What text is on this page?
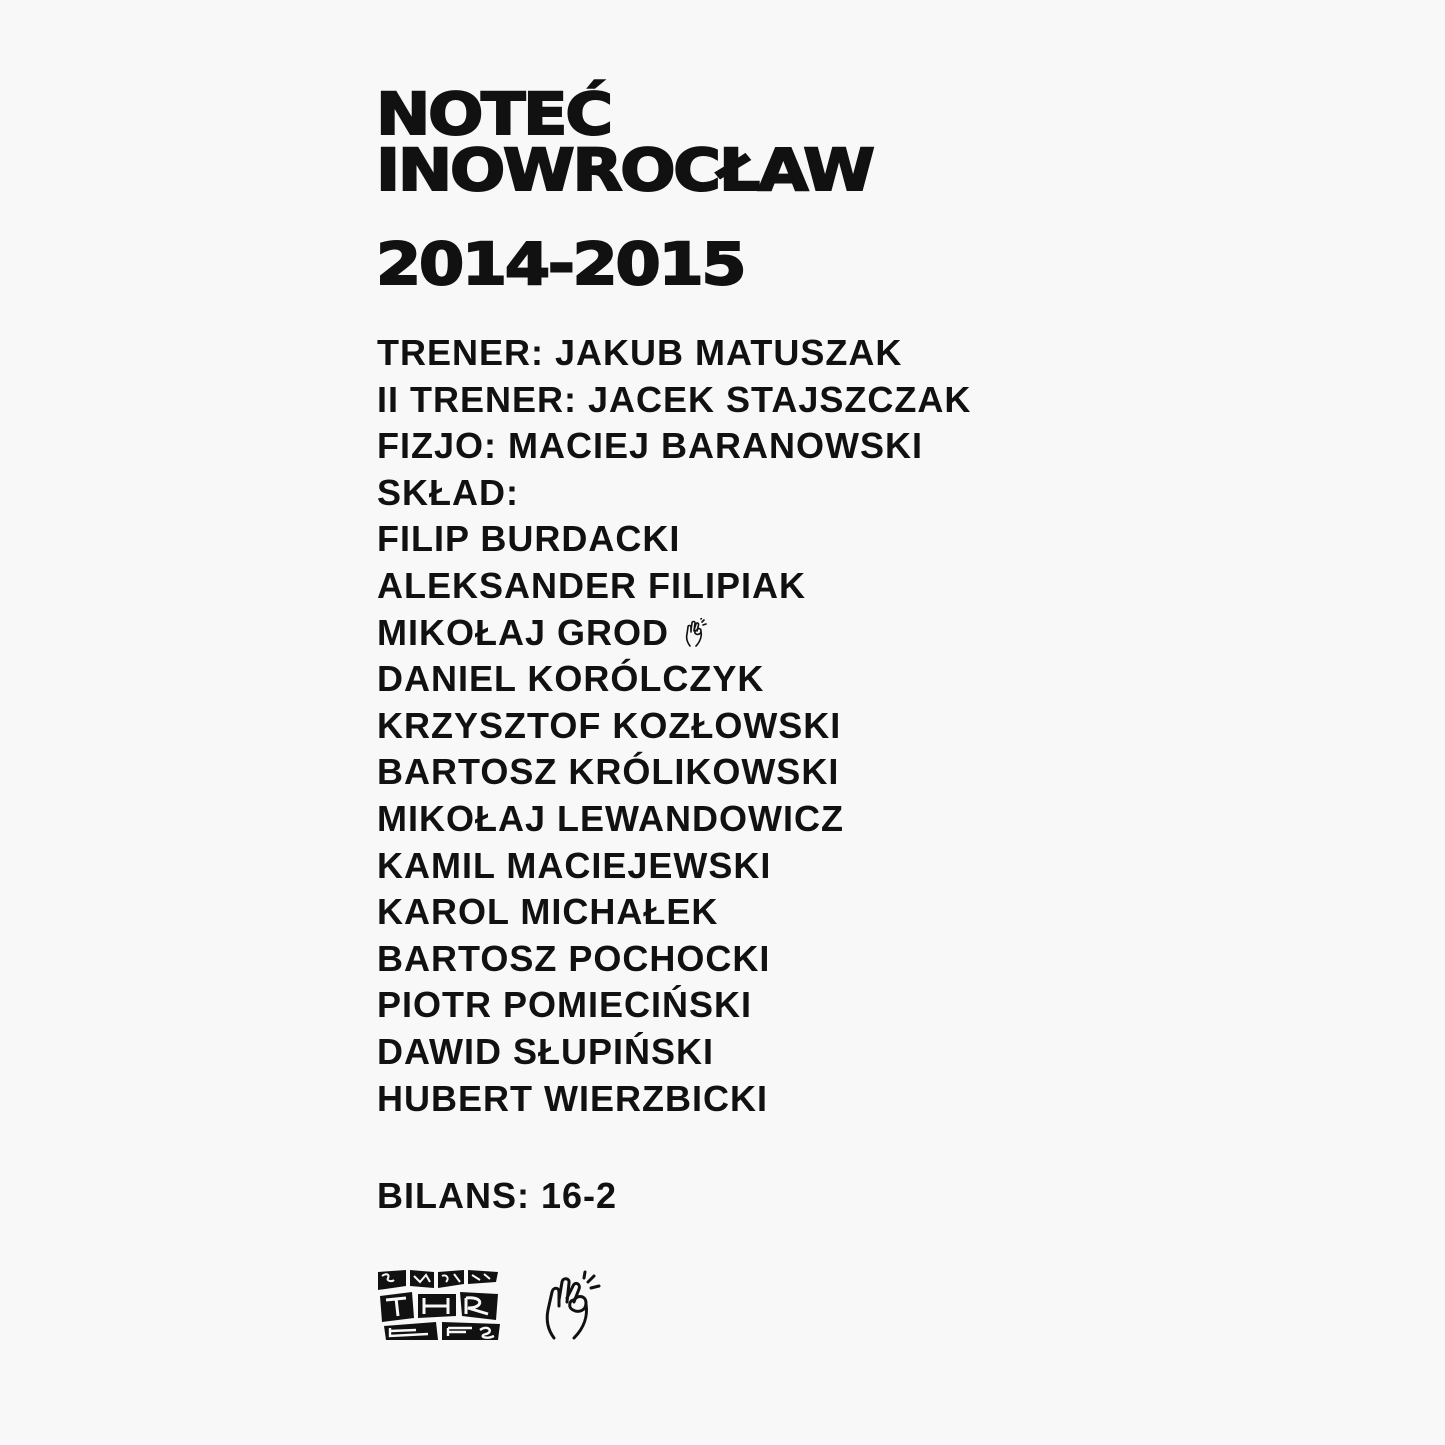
NOTEĆ
INOWROCŁAW
2014-2015
TRENER: JAKUB MATUSZAK
II TRENER: JACEK STAJSZCZAK
FIZJO: MACIEJ BARANOWSKI
SKŁAD:
FILIP BURDACKI
ALEKSANDER FILIPIAK
MIKOŁAJ GROD
DANIEL KORÓLCZYK
KRZYSZTOF KOZŁOWSKI
BARTOSZ KRÓLIKOWSKI
MIKOŁAJ LEWANDOWICZ
KAMIL MACIEJEWSKI
KAROL MICHAŁEK
BARTOSZ POCHOCKI
PIOTR POMIECIŃSKI
DAWID SŁUPIŃSKI
HUBERT WIERZBICKI
BILANS: 16-2
